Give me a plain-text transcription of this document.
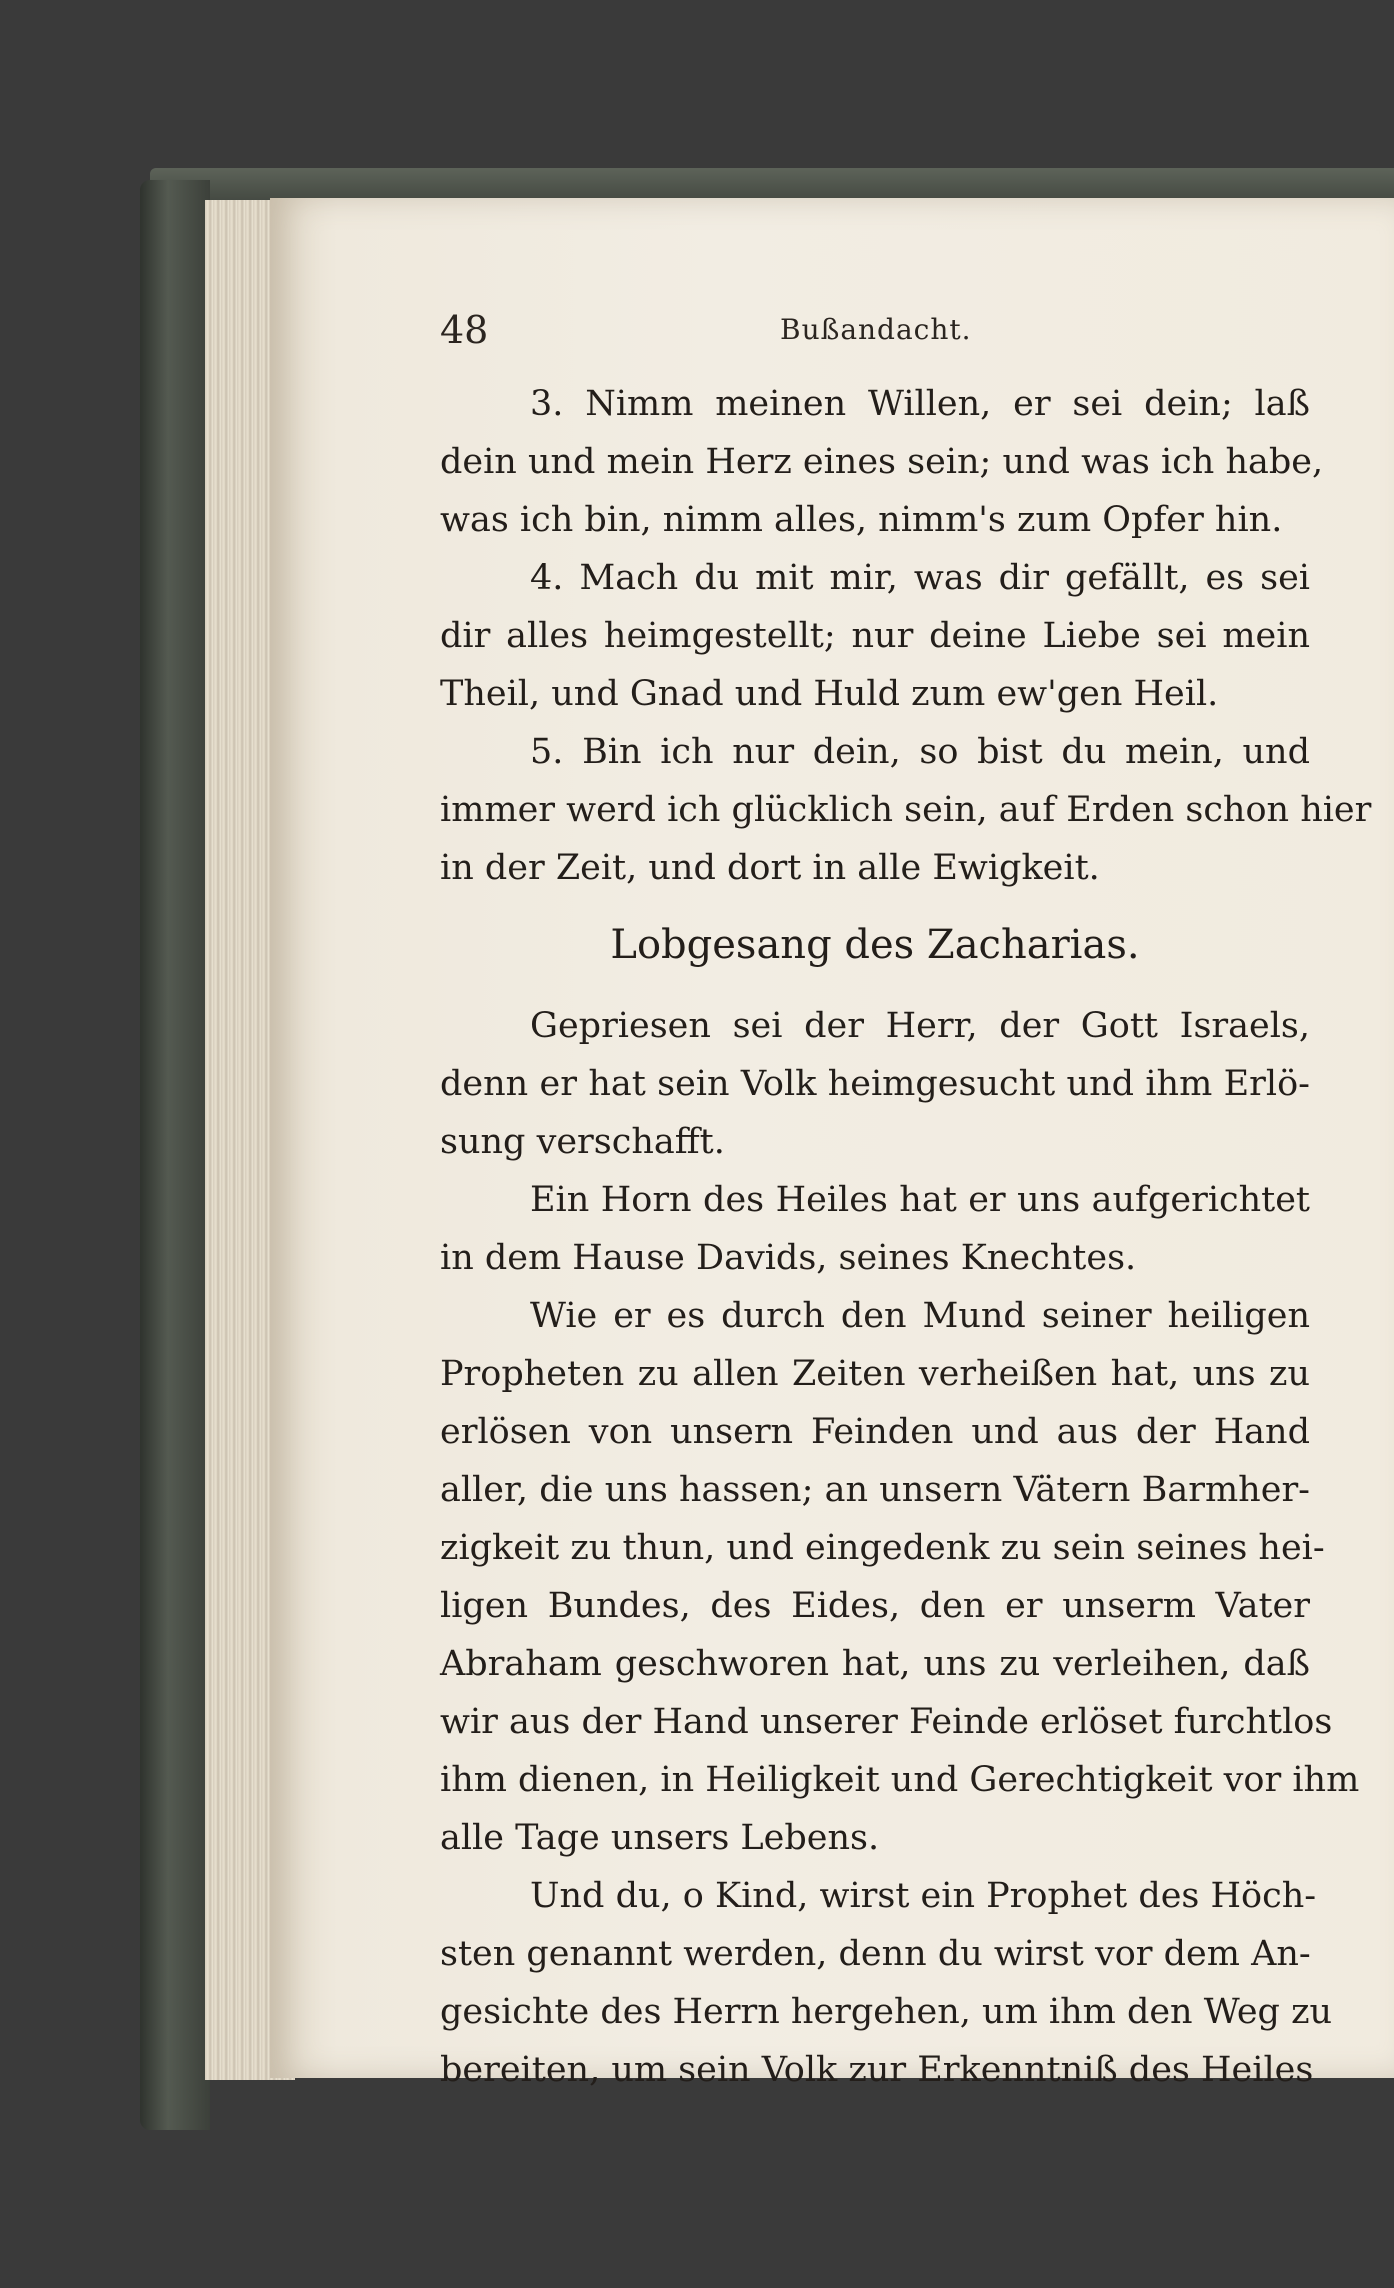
48	Bußandacht.
3. Nimm meinen Willen, er sei dein; laß
dein und mein Herz eines sein; und was ich habe,
was ich bin, nimm alles, nimm's zum Opfer hin.
4. Mach du mit mir, was dir gefällt, es sei
dir alles heimgestellt; nur deine Liebe sei mein
Theil, und Gnad und Huld zum ew'gen Heil.
5. Bin ich nur dein, so bist du mein, und
immer werd ich glücklich sein, auf Erden schon hier
in der Zeit, und dort in alle Ewigkeit.
Lobgesang des Zacharias.
Gepriesen sei der Herr, der Gott Israels,
denn er hat sein Volk heimgesucht und ihm Erlö-
sung verschafft.
Ein Horn des Heiles hat er uns aufgerichtet
in dem Hause Davids, seines Knechtes.
Wie er es durch den Mund seiner heiligen
Propheten zu allen Zeiten verheißen hat, uns zu
erlösen von unsern Feinden und aus der Hand
aller, die uns hassen; an unsern Vätern Barmher-
zigkeit zu thun, und eingedenk zu sein seines hei-
ligen Bundes, des Eides, den er unserm Vater
Abraham geschworen hat, uns zu verleihen, daß
wir aus der Hand unserer Feinde erlöset furchtlos
ihm dienen, in Heiligkeit und Gerechtigkeit vor ihm
alle Tage unsers Lebens.
Und du, o Kind, wirst ein Prophet des Höch-
sten genannt werden, denn du wirst vor dem An-
gesichte des Herrn hergehen, um ihm den Weg zu
bereiten, um sein Volk zur Erkenntniß des Heiles
